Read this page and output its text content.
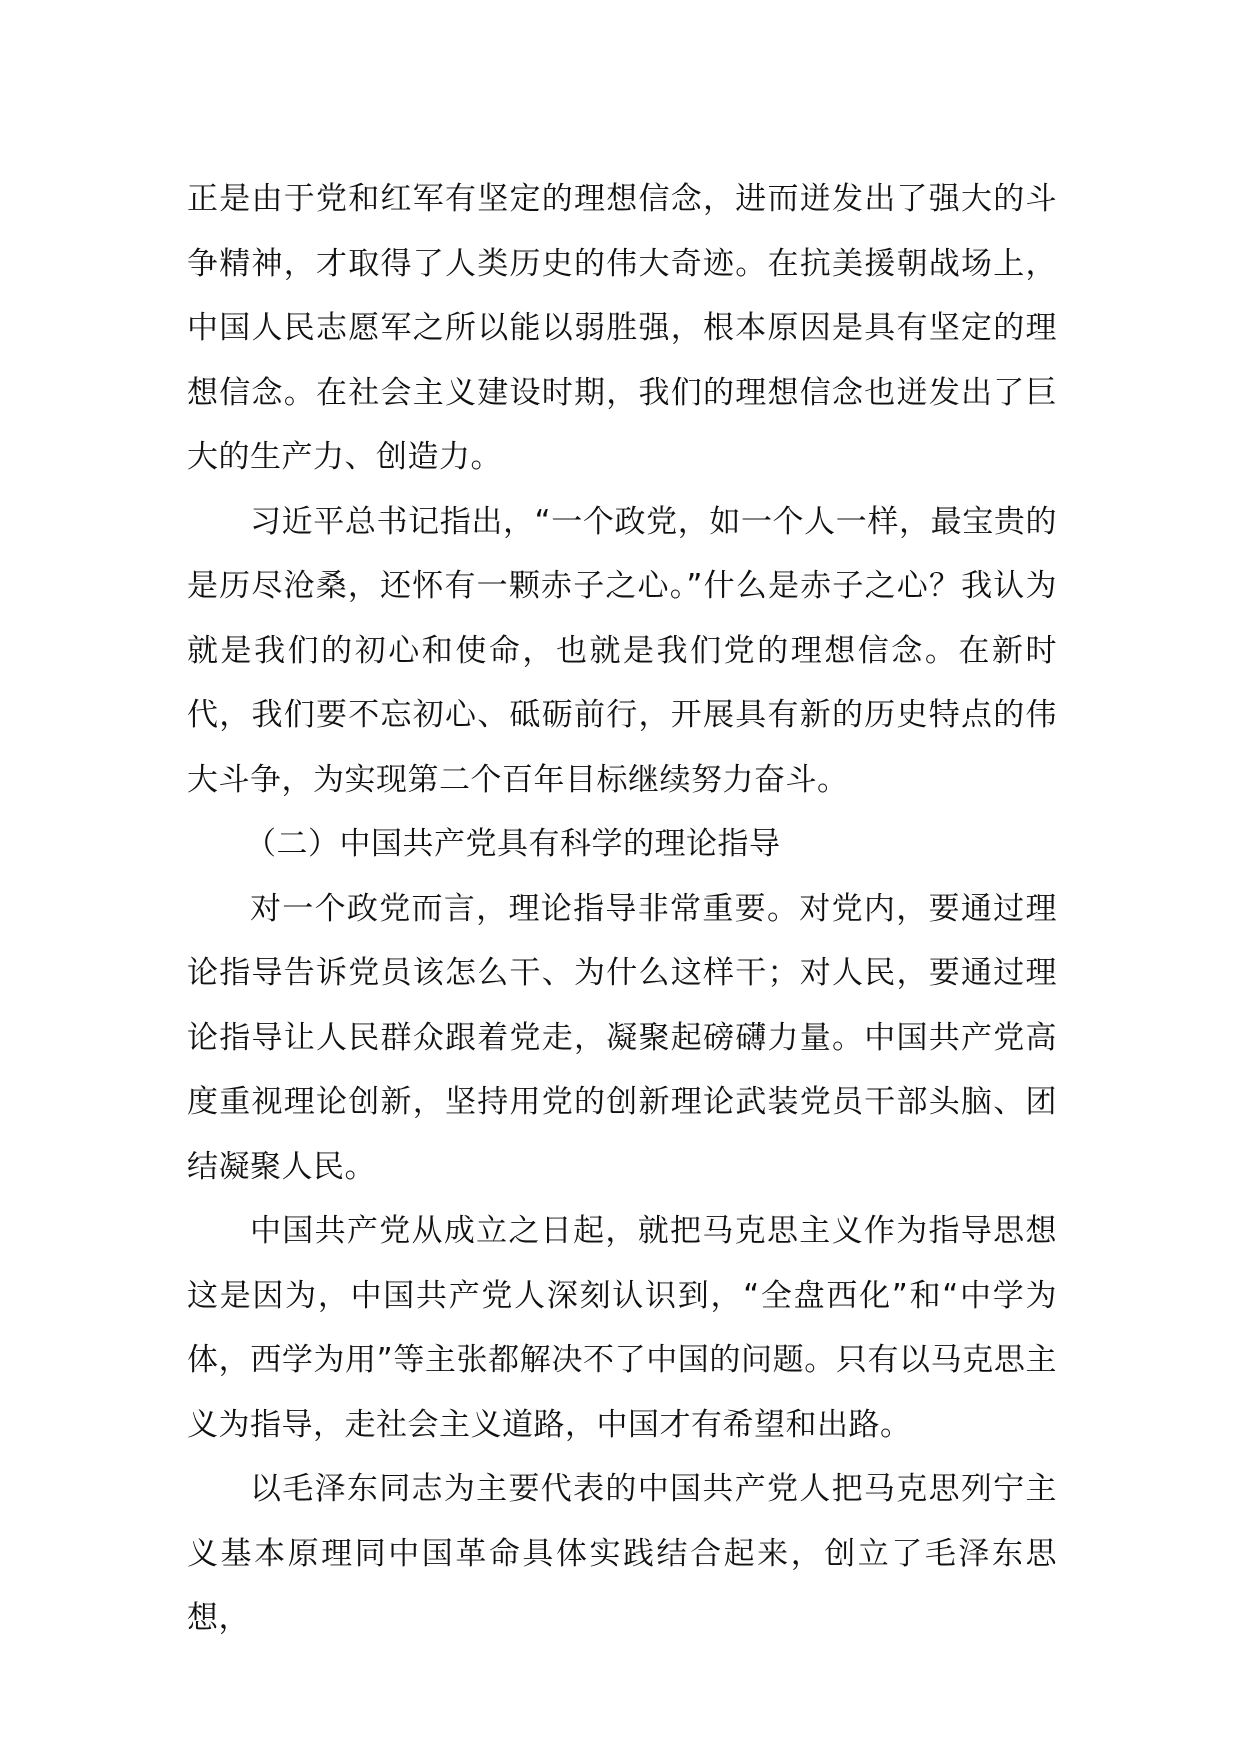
正是由于党和红军有坚定的理想信念，进而迸发出了强大的斗争精神，才取得了人类历史的伟大奇迹。在抗美援朝战场上，中国人民志愿军之所以能以弱胜强，根本原因是具有坚定的理想信念。在社会主义建设时期，我们的理想信念也迸发出了巨大的生产力、创造力。

习近平总书记指出，“一个政党，如一个人一样，最宝贵的是历尽沧桑，还怀有一颗赤子之心。”什么是赤子之心？我认为就是我们的初心和使命，也就是我们党的理想信念。在新时代，我们要不忘初心、砥砺前行，开展具有新的历史特点的伟大斗争，为实现第二个百年目标继续努力奋斗。

（二）中国共产党具有科学的理论指导

对一个政党而言，理论指导非常重要。对党内，要通过理论指导告诉党员该怎么干、为什么这样干；对人民，要通过理论指导让人民群众跟着党走，凝聚起磅礴力量。中国共产党高度重视理论创新，坚持用党的创新理论武装党员干部头脑、团结凝聚人民。

中国共产党从成立之日起，就把马克思主义作为指导思想这是因为，中国共产党人深刻认识到，“全盘西化”和“中学为体，西学为用”等主张都解决不了中国的问题。只有以马克思主义为指导，走社会主义道路，中国才有希望和出路。

以毛泽东同志为主要代表的中国共产党人把马克思列宁主义基本原理同中国革命具体实践结合起来，创立了毛泽东思想，
